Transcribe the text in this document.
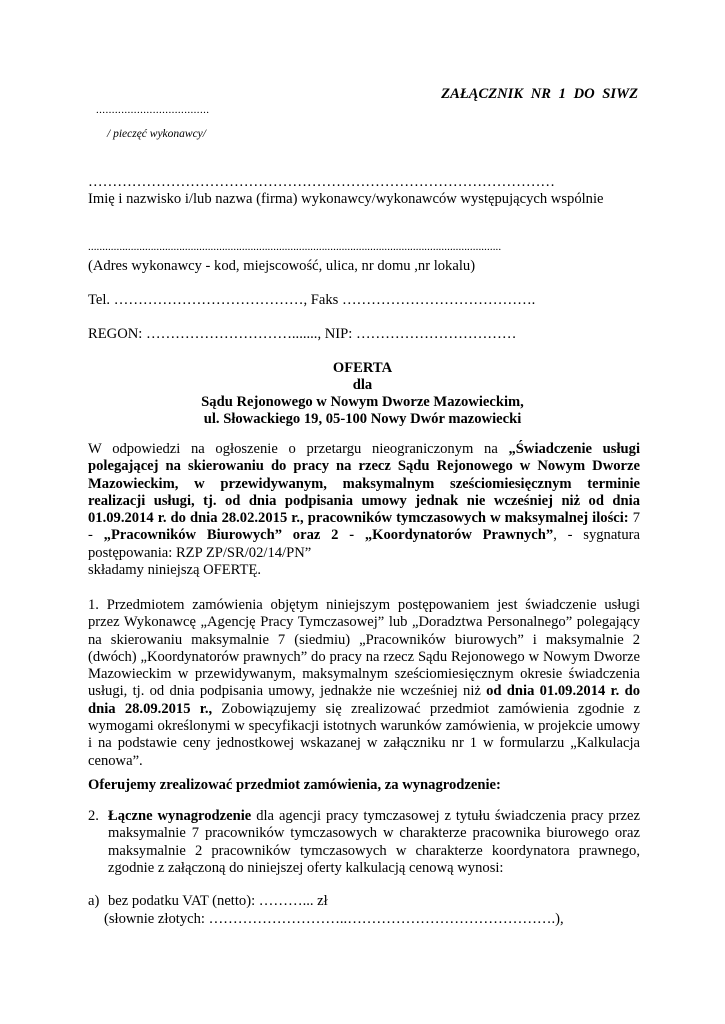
ZAŁĄCZNIK NR 1 DO SIWZ
....................................
/ pieczęć wykonawcy/
……………………………………………………………………………………
Imię i nazwisko i/lub nazwa (firma) wykonawcy/wykonawców występujących wspólnie
.................................................................................................................................................
(Adres wykonawcy - kod, miejscowość, ulica, nr domu ,nr lokalu)
Tel. …………………………………, Faks ………………………………….
REGON: …………………………......., NIP: ……………………………
OFERTA
dla
Sądu Rejonowego w Nowym Dworze Mazowieckim,
ul. Słowackiego 19, 05-100 Nowy Dwór mazowiecki

W odpowiedzi na ogłoszenie o przetargu nieograniczonym na „Świadczenie usługi polegającej na skierowaniu do pracy na rzecz Sądu Rejonowego w Nowym Dworze Mazowieckim, w przewidywanym, maksymalnym sześciomiesięcznym terminie realizacji usługi, tj. od dnia podpisania umowy jednak nie wcześniej niż od dnia 01.09.2014 r. do dnia 28.02.2015 r., pracowników tymczasowych w maksymalnej ilości: 7 - „Pracowników Biurowych” oraz 2 - „Koordynatorów Prawnych”, - sygnatura postępowania: RZP ZP/SR/02/14/PN”

składamy niniejszą OFERTĘ.

1. Przedmiotem zamówienia objętym niniejszym postępowaniem jest świadczenie usługi przez Wykonawcę „Agencję Pracy Tymczasowej” lub „Doradztwa Personalnego” polegający na skierowaniu maksymalnie 7 (siedmiu) „Pracowników biurowych” i maksymalnie 2 (dwóch) „Koordynatorów prawnych” do pracy na rzecz Sądu Rejonowego w Nowym Dworze Mazowieckim w przewidywanym, maksymalnym sześciomiesięcznym okresie świadczenia usługi, tj. od dnia podpisania umowy, jednakże nie wcześniej niż od dnia 01.09.2014 r. do dnia 28.09.2015 r., Zobowiązujemy się zrealizować przedmiot zamówienia zgodnie z wymogami określonymi w specyfikacji istotnych warunków zamówienia, w projekcie umowy i na podstawie ceny jednostkowej wskazanej w załączniku nr 1 w formularzu „Kalkulacja cenowa”.

Oferujemy zrealizować przedmiot zamówienia, za wynagrodzenie:
2. Łączne wynagrodzenie dla agencji pracy tymczasowej z tytułu świadczenia pracy przez maksymalnie 7 pracowników tymczasowych w charakterze pracownika biurowego oraz maksymalnie 2 pracowników tymczasowych w charakterze koordynatora prawnego, zgodnie z załączoną do niniejszej oferty kalkulacją cenową wynosi:
a) bez podatku VAT (netto): ………... zł
(słownie złotych: ………………………..…………………………………….),
